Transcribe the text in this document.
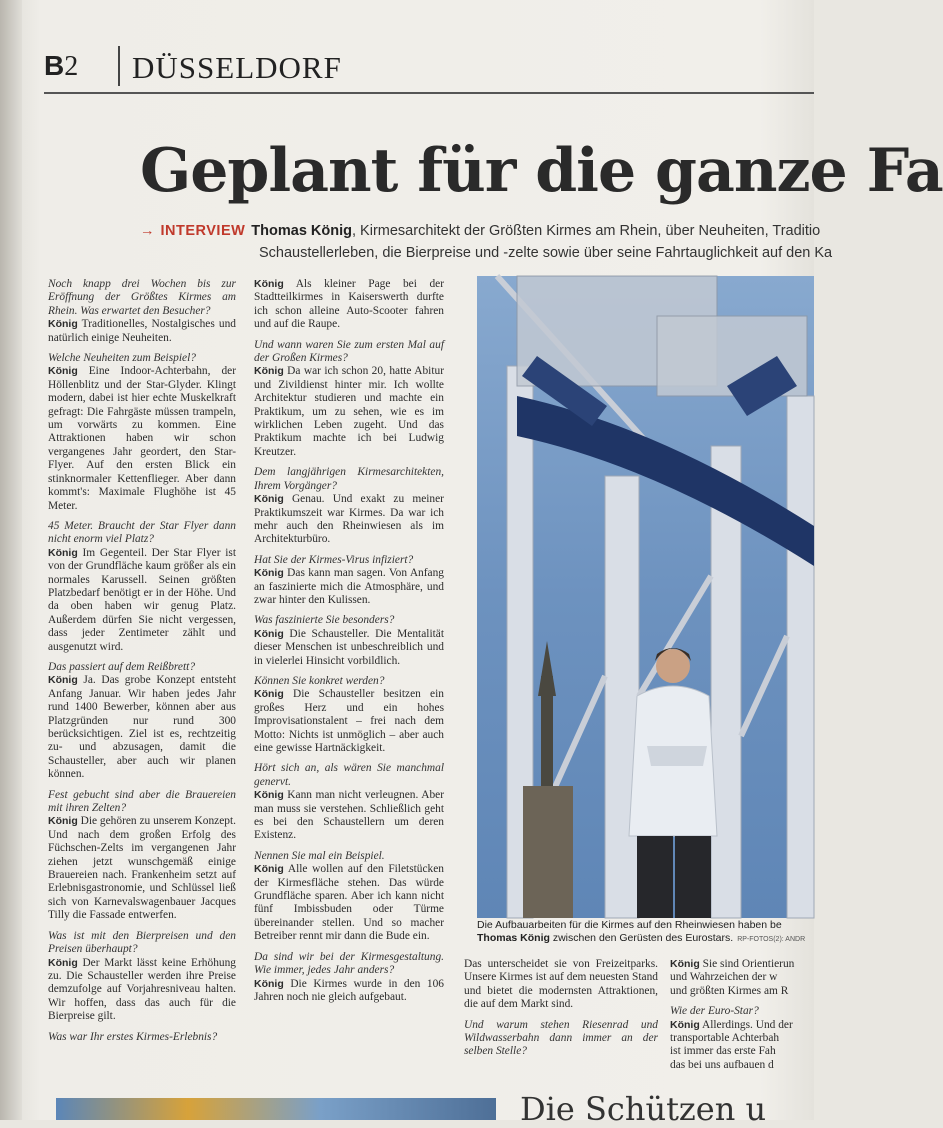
B2 DÜSSELDORF
Geplant für die ganze Fa
→ INTERVIEW Thomas König, Kirmesarchitekt der Größten Kirmes am Rhein, über Neuheiten, Traditio
Schaustellerleben, die Bierpreise und -zelte sowie über seine Fahrtauglichkeit auf den Ka

Noch knapp drei Wochen bis zur Eröffnung der Größtes Kirmes am Rhein. Was erwartet den Besucher?
König Traditionelles, Nostalgisches und natürlich einige Neuheiten.

Welche Neuheiten zum Beispiel?
König Eine Indoor-Achterbahn, der Höllenblitz und der Star-Glyder. Klingt modern, dabei ist hier echte Muskelkraft gefragt: Die Fahrgäste müssen trampeln, um vorwärts zu kommen. Eine Attraktionen haben wir schon vergangenes Jahr geordert, den Star-Flyer. Auf den ersten Blick ein stinknormaler Kettenflieger. Aber dann kommt's: Maximale Flughöhe ist 45 Meter.

45 Meter. Braucht der Star Flyer dann nicht enorm viel Platz?
König Im Gegenteil. Der Star Flyer ist von der Grundfläche kaum größer als ein normales Karussell. Seinen größten Platzbedarf benötigt er in der Höhe. Und da oben haben wir genug Platz. Außerdem dürfen Sie nicht vergessen, dass jeder Zentimeter zählt und ausgenutzt wird.

Das passiert auf dem Reißbrett?
König Ja. Das grobe Konzept entsteht Anfang Januar. Wir haben jedes Jahr rund 1400 Bewerber, können aber aus Platzgründen nur rund 300 berücksichtigen. Ziel ist es, rechtzeitig zu- und abzusagen, damit die Schausteller, aber auch wir planen können.

Fest gebucht sind aber die Brauereien mit ihren Zelten?
König Die gehören zu unserem Konzept. Und nach dem großen Erfolg des Füchschen-Zelts im vergangenen Jahr ziehen jetzt wunschgemäß einige Brauereien nach. Frankenheim setzt auf Erlebnisgastronomie, und Schlüssel ließ sich von Karnevalswagenbauer Jacques Tilly die Fassade entwerfen.

Was ist mit den Bierpreisen und den Preisen überhaupt?
König Der Markt lässt keine Erhöhung zu. Die Schausteller werden ihre Preise demzufolge auf Vorjahresniveau halten. Wir hoffen, dass das auch für die Bierpreise gilt.

Was war Ihr erstes Kirmes-Erlebnis?

König Als kleiner Page bei der Stadtteilkirmes in Kaiserswerth durfte ich schon alleine Auto-Scooter fahren und auf die Raupe.

Und wann waren Sie zum ersten Mal auf der Großen Kirmes?
König Da war ich schon 20, hatte Abitur und Zivildienst hinter mir. Ich wollte Architektur studieren und machte ein Praktikum, um zu sehen, wie es im wirklichen Leben zugeht. Und das Praktikum machte ich bei Ludwig Kreutzer.

Dem langjährigen Kirmesarchitekten, Ihrem Vorgänger?
König Genau. Und exakt zu meiner Praktikumszeit war Kirmes. Da war ich mehr auch den Rheinwiesen als im Architekturbüro.

Hat Sie der Kirmes-Virus infiziert?
König Das kann man sagen. Von Anfang an faszinierte mich die Atmosphäre, und zwar hinter den Kulissen.

Was faszinierte Sie besonders?
König Die Schausteller. Die Mentalität dieser Menschen ist unbeschreiblich und in vielerlei Hinsicht vorbildlich.

Können Sie konkret werden?
König Die Schausteller besitzen ein großes Herz und ein hohes Improvisationstalent – frei nach dem Motto: Nichts ist unmöglich – aber auch eine gewisse Hartnäckigkeit.

Hört sich an, als wären Sie manchmal genervt.
König Kann man nicht verleugnen. Aber man muss sie verstehen. Schließlich geht es bei den Schaustellern um deren Existenz.

Nennen Sie mal ein Beispiel.
König Alle wollen auf den Filetstücken der Kirmesfläche stehen. Das würde Grundfläche sparen. Aber ich kann nicht fünf Imbissbuden oder Türme übereinander stellen. Und so macher Betreiber rennt mir dann die Bude ein.

Da sind wir bei der Kirmesgestaltung. Wie immer, jedes Jahr anders?
König Die Kirmes wurde in den 106 Jahren noch nie gleich aufgebaut.

Die Aufbauarbeiten für die Kirmes auf den Rheinwiesen haben be
Thomas König zwischen den Gerüsten des Eurostars. RP-FOTOS(2): ANDR

Das unterscheidet sie von Freizeitparks. Unsere Kirmes ist auf dem neuesten Stand und bietet die modernsten Attraktionen, die auf dem Markt sind.

Und warum stehen Riesenrad und Wildwasserbahn dann immer an der selben Stelle?

König Sie sind Orientierun
und Wahrzeichen der w
und größten Kirmes am R
Wie der Euro-Star?
König Allerdings. Und der
transportable Achterbah
ist immer das erste Fah
das bei uns aufbauen d
Die Schützen u
